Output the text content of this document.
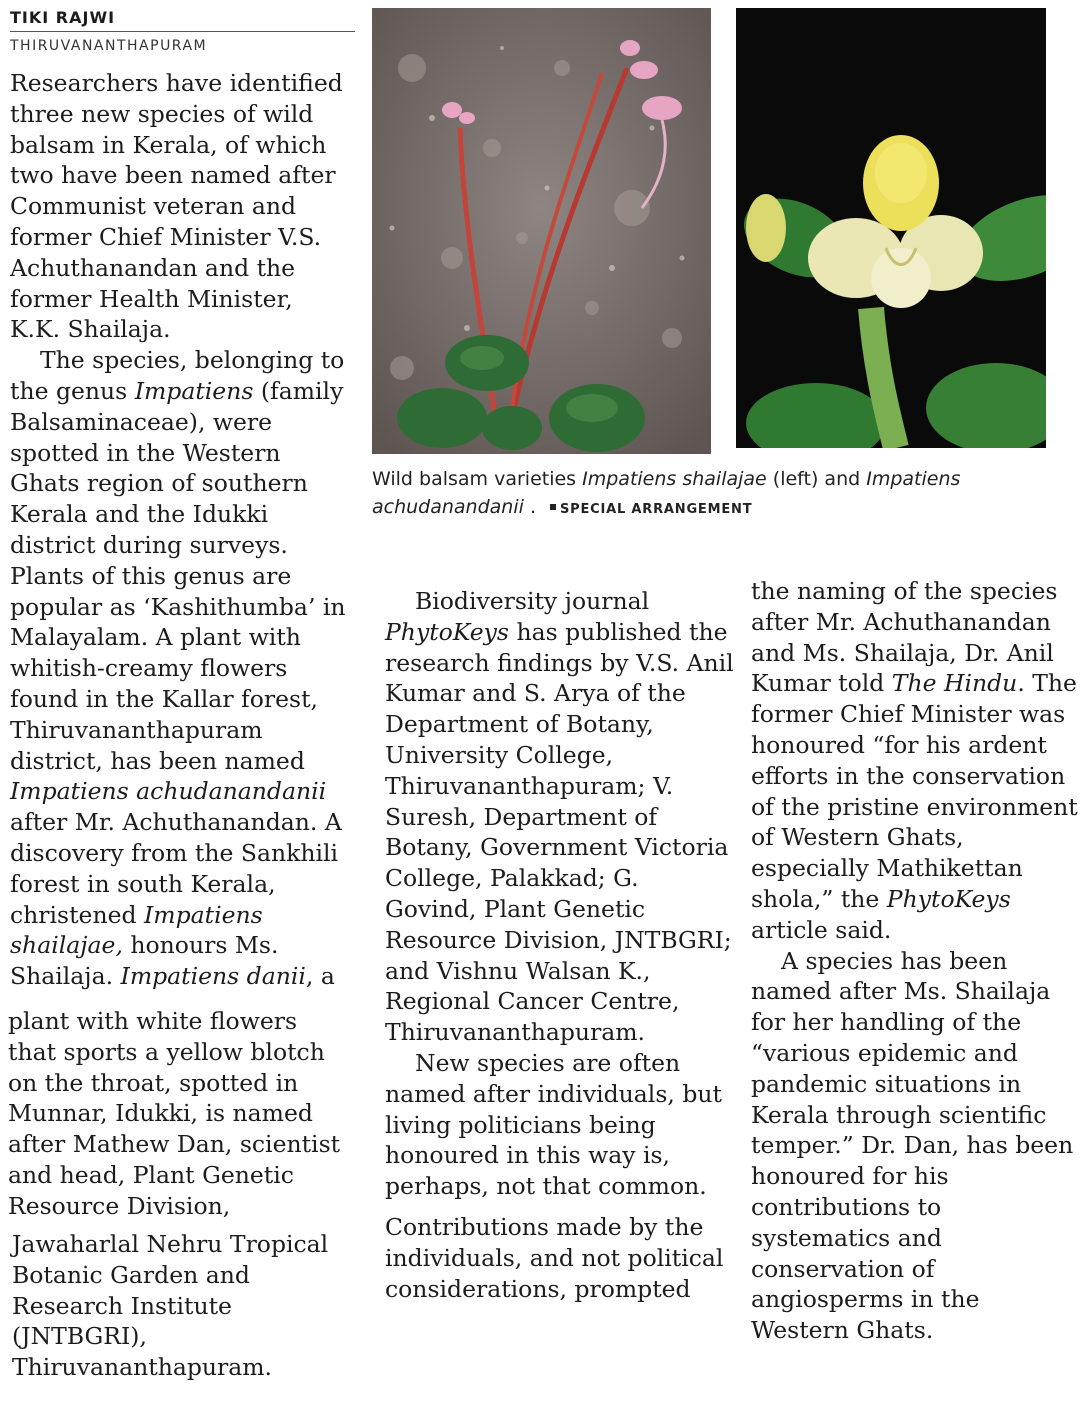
TIKI RAJWI
THIRUVANANTHAPURAM

Researchers have identified three new species of wild balsam in Kerala, of which two have been named after Communist veteran and former Chief Minister V.S. Achuthanandan and the former Health Minister, K.K. Shailaja.

The species, belonging to the genus Impatiens (family Balsaminaceae), were spotted in the Western Ghats region of southern Kerala and the Idukki district during surveys. Plants of this genus are popular as ‘Kashithumba’ in Malayalam. A plant with whitish-creamy flowers found in the Kallar forest, Thiruvananthapuram district, has been named
Impatiens achudanandanii after Mr. Achuthanandan. A discovery from the Sankhili forest in south Kerala, christened Impatiens shailajae, honours Ms. Shailaja. Impatiens danii, a

plant with white flowers that sports a yellow blotch on the throat, spotted in Munnar, Idukki, is named after Mathew Dan, scientist and head, Plant Genetic Resource Division,

Jawaharlal Nehru Tropical Botanic Garden and Research Institute (JNTBGRI), Thiruvananthapuram.

Wild balsam varieties Impatiens shailajae (left) and Impatiens achudanandanii . SPECIAL ARRANGEMENT

Biodiversity journal PhytoKeys has published the research findings by V.S. Anil Kumar and S. Arya of the Department of Botany, University College, Thiruvananthapuram; V. Suresh, Department of Botany, Government Victoria College, Palakkad; G. Govind, Plant Genetic Resource Division, JNTBGRI; and Vishnu Walsan K., Regional Cancer Centre, Thiruvananthapuram.

New species are often named after individuals, but living politicians being honoured in this way is, perhaps, not that common.

Contributions made by the individuals, and not political considerations, prompted

the naming of the species after Mr. Achuthanandan and Ms. Shailaja, Dr. Anil Kumar told The Hindu. The former Chief Minister was honoured “for his ardent efforts in the conservation of the pristine environment of Western Ghats, especially Mathikettan shola,” the PhytoKeys article said.

A species has been named after Ms. Shailaja for her handling of the “various epidemic and pandemic situations in Kerala through scientific temper.” Dr. Dan, has been honoured for his contributions to systematics and conservation of angiosperms in the Western Ghats.
